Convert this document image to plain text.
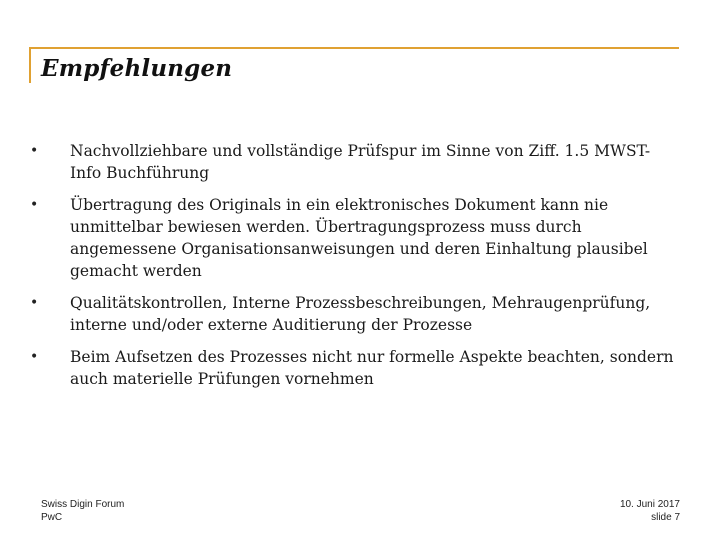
Empfehlungen
• Nachvollziehbare und vollständige Prüfspur im Sinne von Ziff. 1.5 MWST-Info Buchführung
• Übertragung des Originals in ein elektronisches Dokument kann nie unmittelbar bewiesen werden. Übertragungsprozess muss durch angemessene Organisationsanweisungen und deren Einhaltung plausibel gemacht werden
• Qualitätskontrollen, Interne Prozessbeschreibungen, Mehraugenprüfung, interne und/oder externe Auditierung der Prozesse
• Beim Aufsetzen des Prozesses nicht nur formelle Aspekte beachten, sondern auch materielle Prüfungen vornehmen
Swiss Digin Forum
PwC
10. Juni 2017
slide 7
